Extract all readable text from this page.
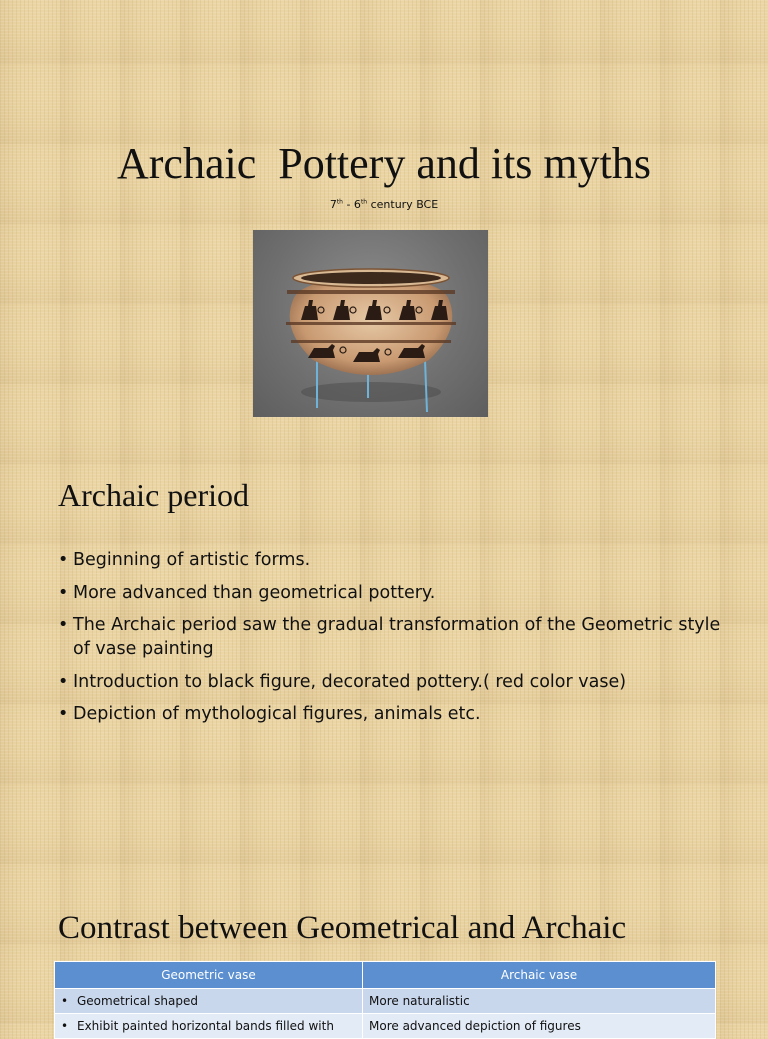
Archaic  Pottery and its myths
7th - 6th century BCE
Archaic period
• Beginning of artistic forms.
• More advanced than geometrical pottery.
• The Archaic period saw the gradual transformation of the Geometric style of vase painting
• Introduction to black figure, decorated pottery.( red color vase)
• Depiction of mythological figures, animals etc.
Contrast between Geometrical and Archaic
Geometric vase	Archaic vase
• Geometrical shaped	More naturalistic
• Exhibit painted horizontal bands filled with	More advanced depiction of figures
